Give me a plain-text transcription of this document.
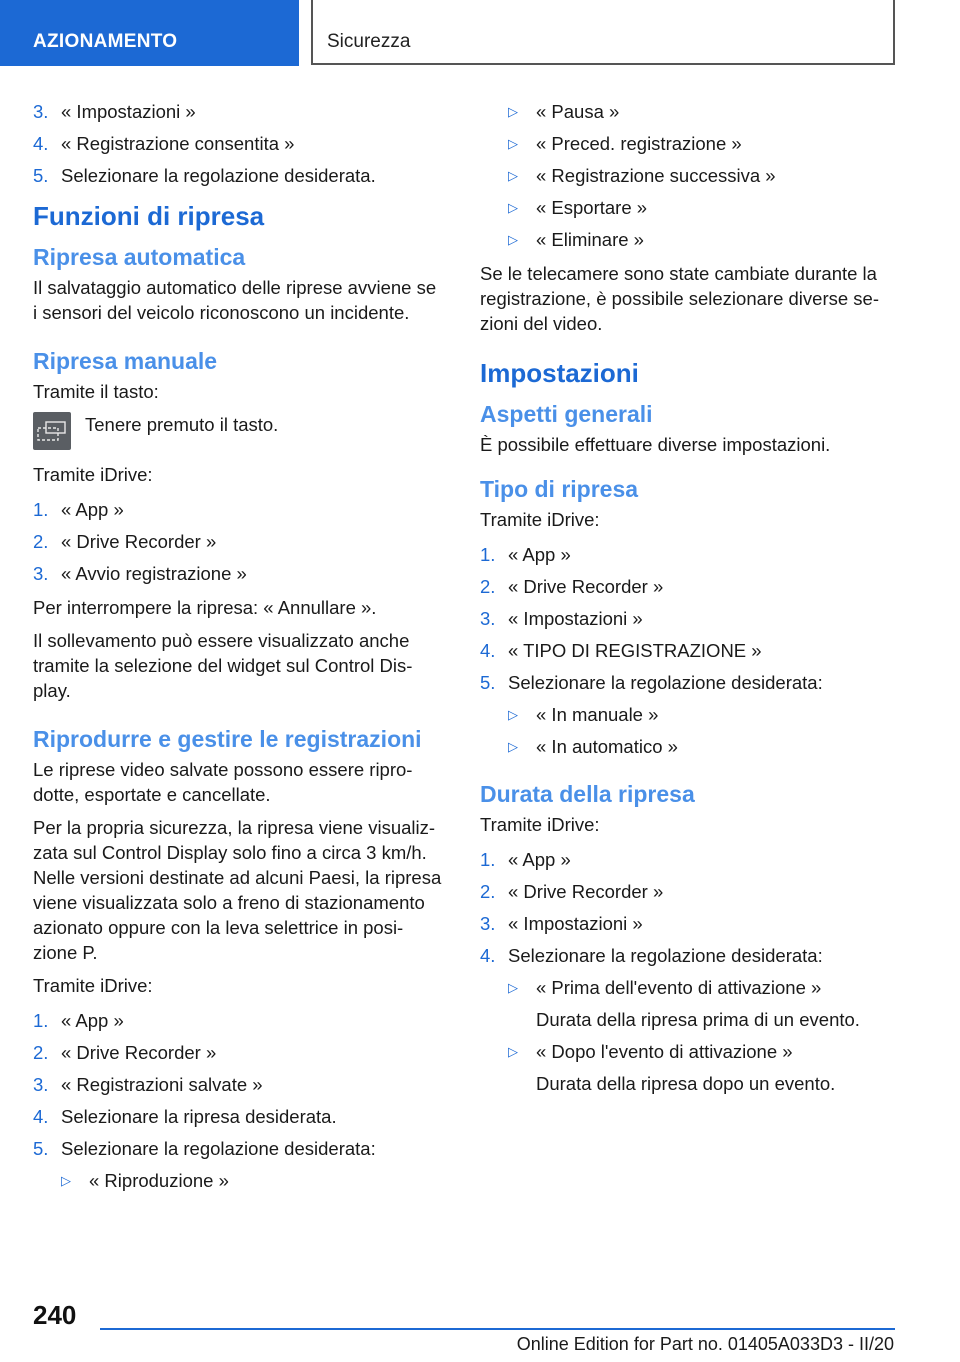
AZIONAMENTO	Sicurezza
3. « Impostazioni »
4. « Registrazione consentita »
5. Selezionare la regolazione desiderata.
Funzioni di ripresa
Ripresa automatica
Il salvataggio automatico delle riprese avviene se
i sensori del veicolo riconoscono un incidente.
Ripresa manuale
Tramite il tasto:
Tenere premuto il tasto.
Tramite iDrive:
1. « App »
2. « Drive Recorder »
3. « Avvio registrazione »
Per interrompere la ripresa: « Annullare ».
Il sollevamento può essere visualizzato anche
tramite la selezione del widget sul Control Dis-
play.
Riprodurre e gestire le registrazioni
Le riprese video salvate possono essere ripro-
dotte, esportate e cancellate.
Per la propria sicurezza, la ripresa viene visualiz-
zata sul Control Display solo fino a circa 3 km/h.
Nelle versioni destinate ad alcuni Paesi, la ripresa
viene visualizzata solo a freno di stazionamento
azionato oppure con la leva selettrice in posi-
zione P.
Tramite iDrive:
1. « App »
2. « Drive Recorder »
3. « Registrazioni salvate »
4. Selezionare la ripresa desiderata.
5. Selezionare la regolazione desiderata:
▷ « Riproduzione »
▷ « Pausa »
▷ « Preced. registrazione »
▷ « Registrazione successiva »
▷ « Esportare »
▷ « Eliminare »
Se le telecamere sono state cambiate durante la
registrazione, è possibile selezionare diverse se-
zioni del video.
Impostazioni
Aspetti generali
È possibile effettuare diverse impostazioni.
Tipo di ripresa
Tramite iDrive:
1. « App »
2. « Drive Recorder »
3. « Impostazioni »
4. « TIPO DI REGISTRAZIONE »
5. Selezionare la regolazione desiderata:
▷ « In manuale »
▷ « In automatico »
Durata della ripresa
Tramite iDrive:
1. « App »
2. « Drive Recorder »
3. « Impostazioni »
4. Selezionare la regolazione desiderata:
▷ « Prima dell'evento di attivazione »
Durata della ripresa prima di un evento.
▷ « Dopo l'evento di attivazione »
Durata della ripresa dopo un evento.
240
Online Edition for Part no. 01405A033D3 - II/20
